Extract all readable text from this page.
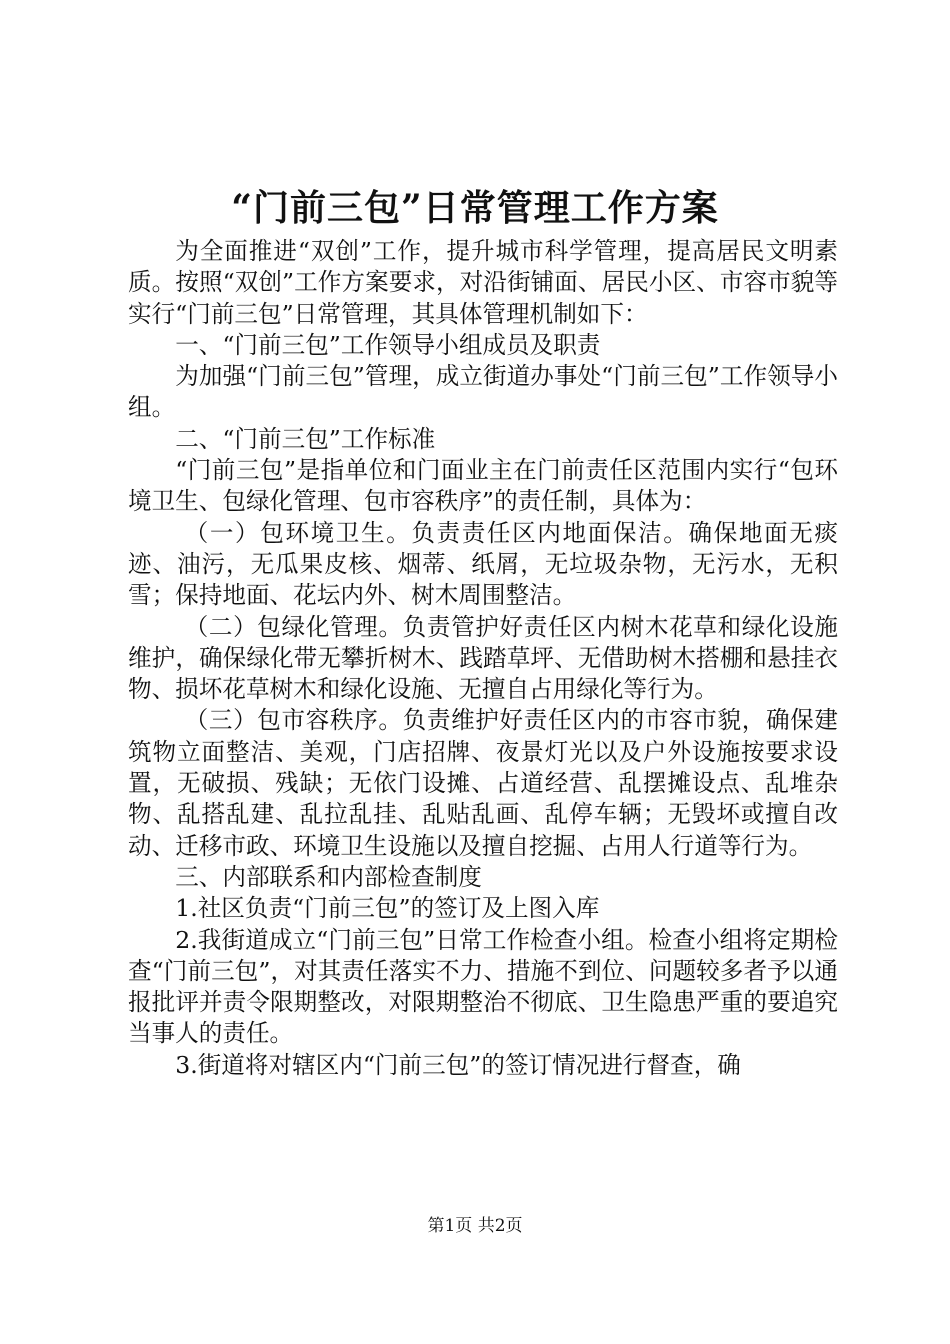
“门前三包”日常管理工作方案

为全面推进“双创”工作，提升城市科学管理，提高居民文明素质。按照“双创”工作方案要求，对沿街铺面、居民小区、市容市貌等实行“门前三包”日常管理，其具体管理机制如下：

一、“门前三包”工作领导小组成员及职责

为加强“门前三包”管理，成立街道办事处“门前三包”工作领导小组。

二、“门前三包”工作标准

“门前三包”是指单位和门面业主在门前责任区范围内实行“包环境卫生、包绿化管理、包市容秩序”的责任制，具体为：

（一）包环境卫生。负责责任区内地面保洁。确保地面无痰迹、油污，无瓜果皮核、烟蒂、纸屑，无垃圾杂物，无污水，无积雪；保持地面、花坛内外、树木周围整洁。

（二）包绿化管理。负责管护好责任区内树木花草和绿化设施维护，确保绿化带无攀折树木、践踏草坪、无借助树木搭棚和悬挂衣物、损坏花草树木和绿化设施、无擅自占用绿化等行为。

（三）包市容秩序。负责维护好责任区内的市容市貌，确保建筑物立面整洁、美观，门店招牌、夜景灯光以及户外设施按要求设置，无破损、残缺；无依门设摊、占道经营、乱摆摊设点、乱堆杂物、乱搭乱建、乱拉乱挂、乱贴乱画、乱停车辆；无毁坏或擅自改动、迁移市政、环境卫生设施以及擅自挖掘、占用人行道等行为。

三、内部联系和内部检查制度

1.社区负责“门前三包”的签订及上图入库

2.我街道成立“门前三包”日常工作检查小组。检查小组将定期检查“门前三包”，对其责任落实不力、措施不到位、问题较多者予以通报批评并责令限期整改，对限期整治不彻底、卫生隐患严重的要追究当事人的责任。

3.街道将对辖区内“门前三包”的签订情况进行督查，确

第1页 共2页
